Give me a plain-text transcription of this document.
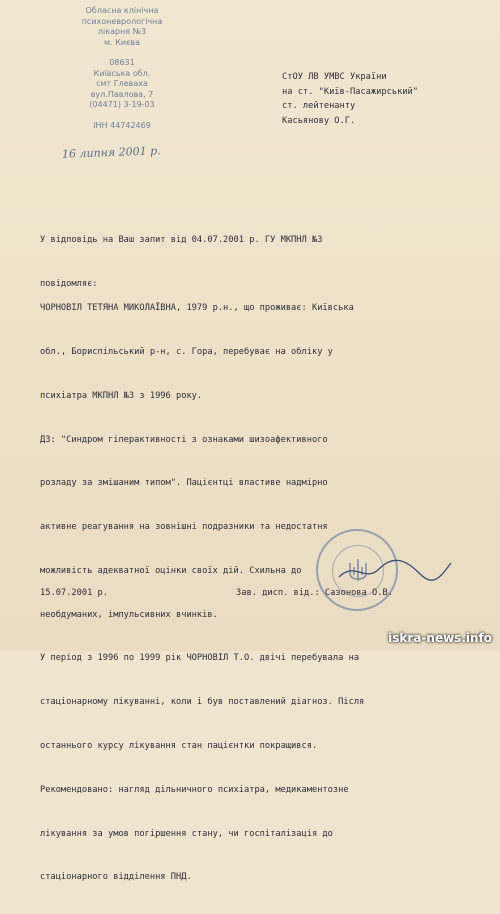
Обласна клінічна
психоневрологічна
лікарня №3
м. Києва
08631
Київська обл.
смт Глеваха
вул.Павлова, 7
(04471) 3-19-03
ІНН 44742469
16 липня 2001 р.
СтОУ ЛВ УМВС України
на ст. "Київ-Пасажирський"
ст. лейтенанту
Касьянову О.Г.

У відповідь на Ваш запит від 04.07.2001 р. ГУ МКПНЛ №3

повідомляє:

ЧОРНОВІЛ ТЕТЯНА МИКОЛАЇВНА, 1979 р.н., що проживає: Київська

обл., Бориспільський р-н, с. Гора, перебуває на обліку у

психіатра МКПНЛ №3 з 1996 року.

ДЗ: "Синдром гіперактивності з ознаками шизоафективного

розладу за змішаним типом". Пацієнтці властиве надмірно

активне реагування на зовнішні подразники та недостатня

можливість адекватної оцінки своїх дій. Схильна до

необдуманих, імпульсивних вчинків.

У період з 1996 по 1999 рік ЧОРНОВІЛ Т.О. двічі перебувала на

стаціонарному лікуванні, коли і був поставлений діагноз. Після

останнього курсу лікування стан пацієнтки покращився.

Рекомендовано: нагляд дільничного психіатра, медикаментозне

лікування за умов погіршення стану, чи госпіталізація до

стаціонарного відділення ПНД.

15.07.2001 р.	Зав. дисп. від.: Сазонова О.В.
iskra-news.info
